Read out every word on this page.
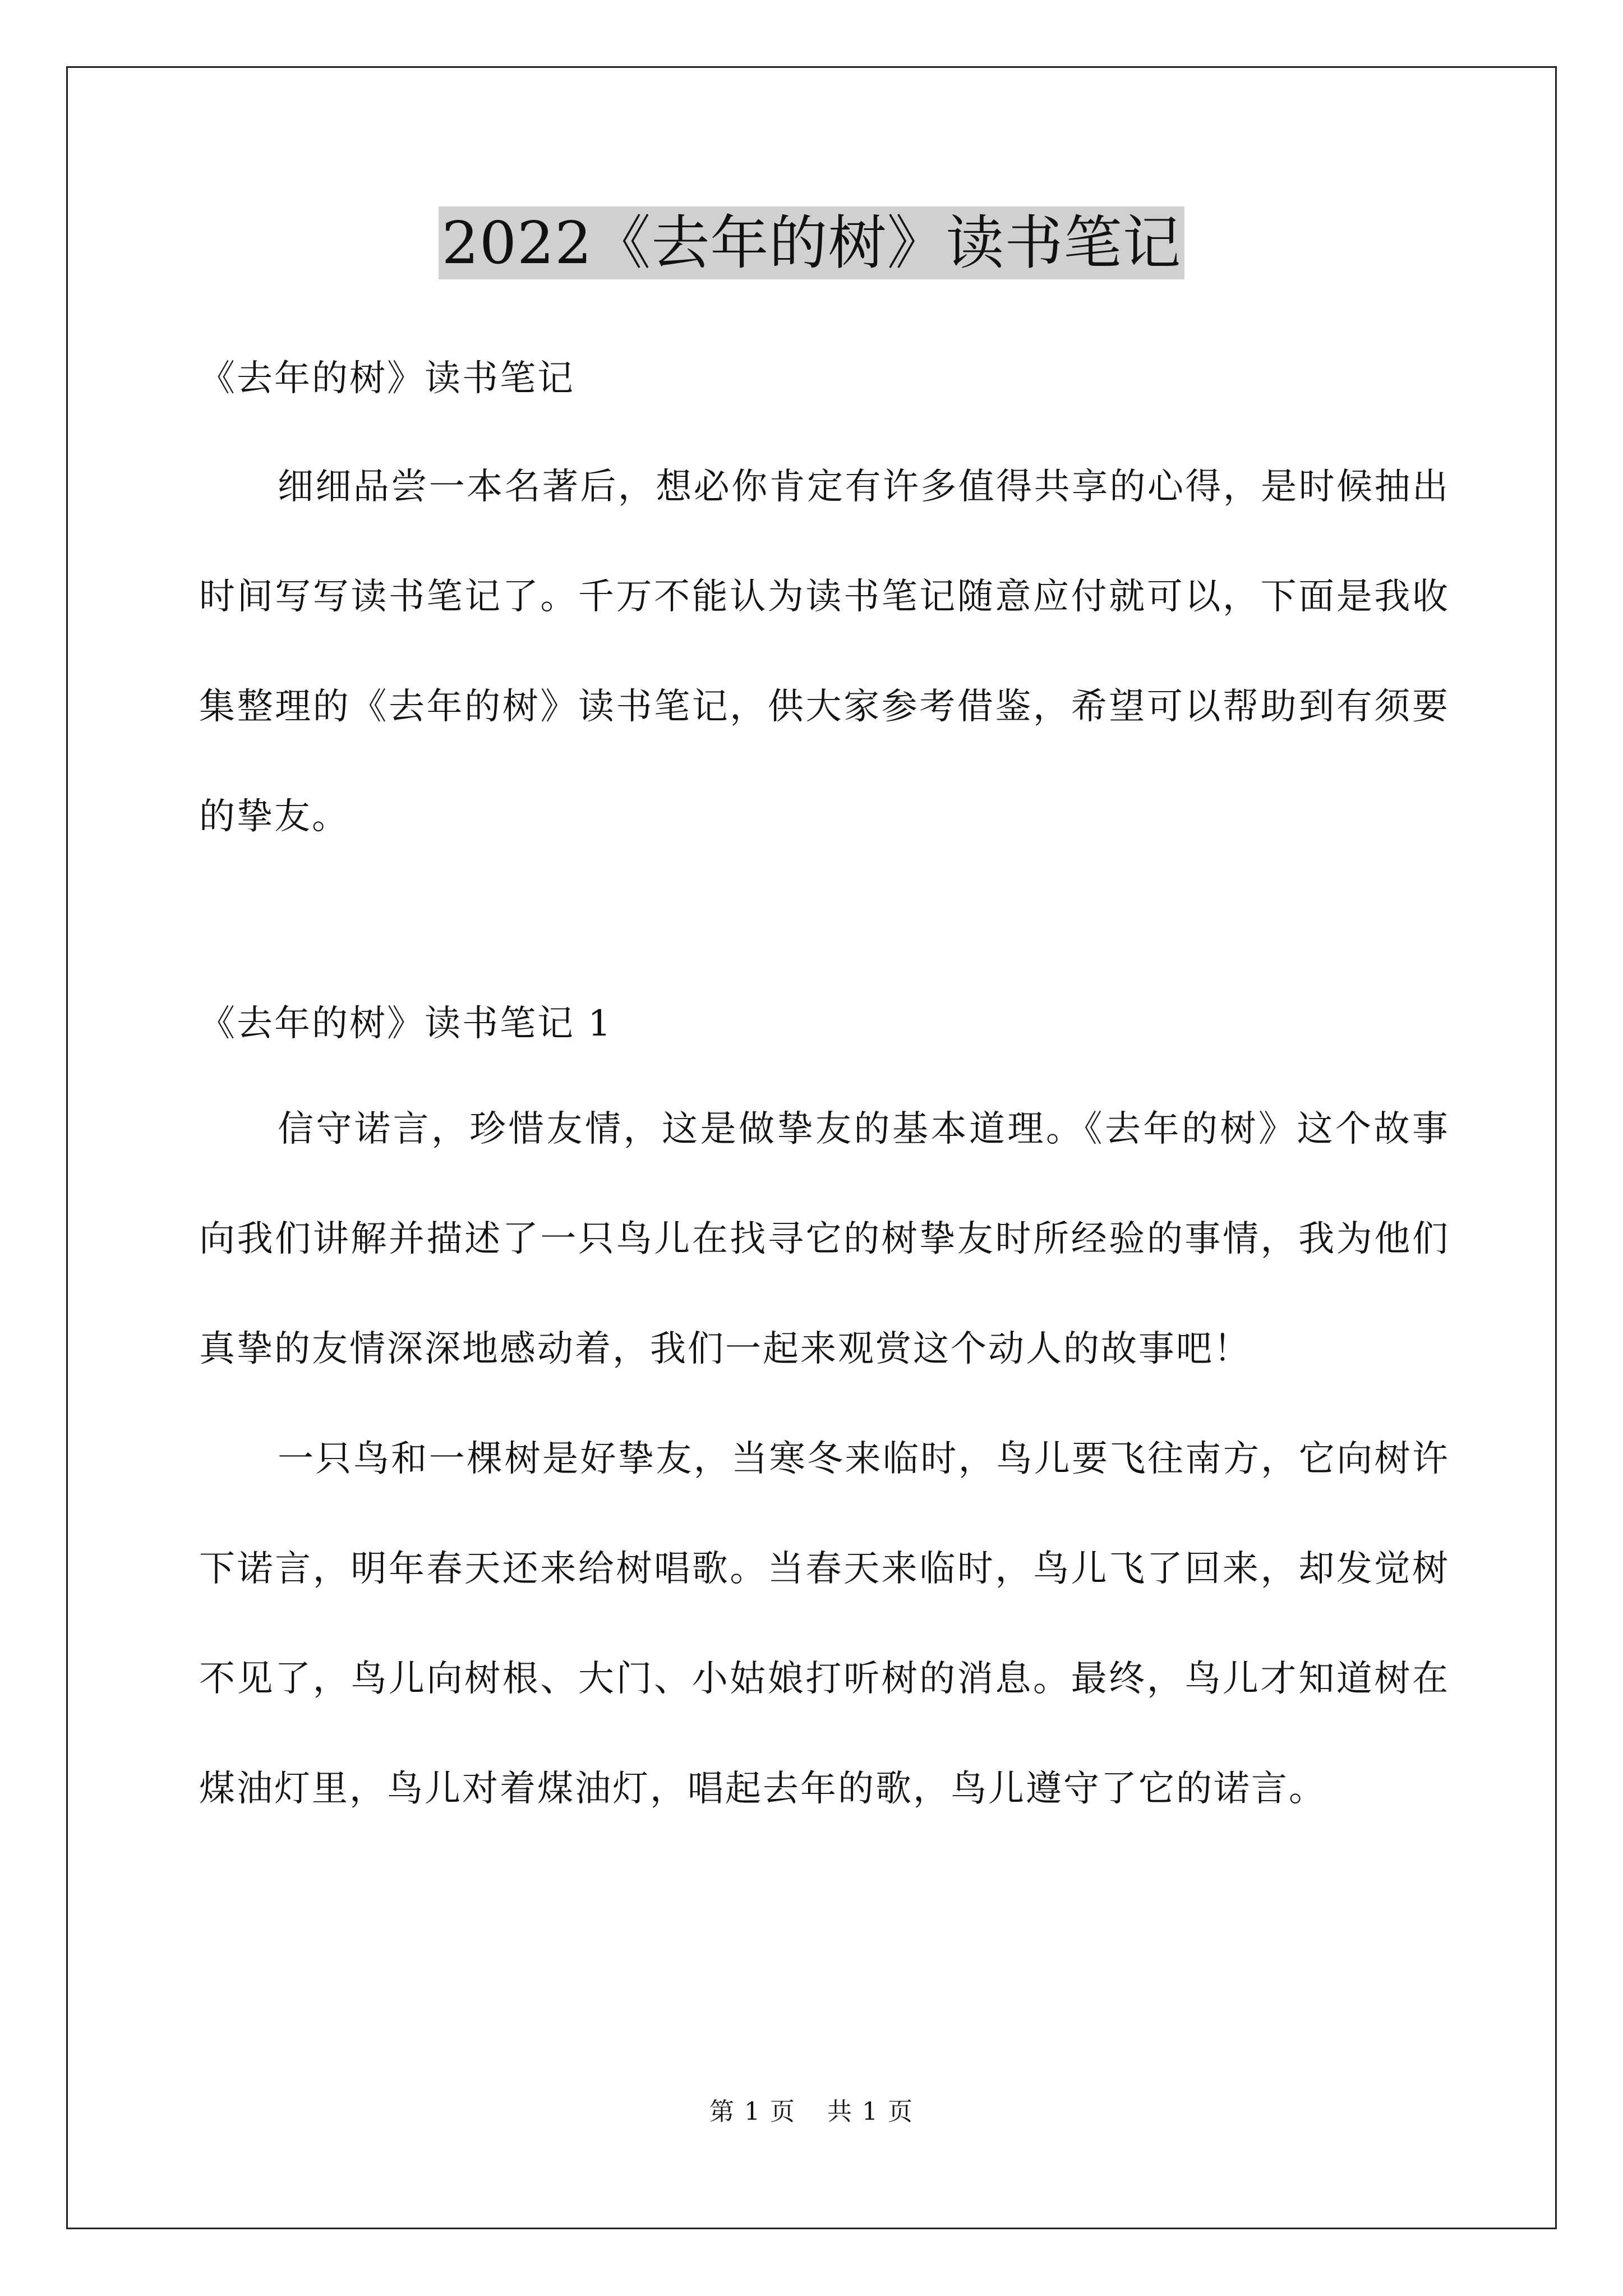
2022《去年的树》读书笔记
《去年的树》读书笔记

细细品尝一本名著后，想必你肯定有许多值得共享的心得，是时候抽出时间写写读书笔记了。千万不能认为读书笔记随意应付就可以，下面是我收集整理的《去年的树》读书笔记，供大家参考借鉴，希望可以帮助到有须要的挚友。

《去年的树》读书笔记 1

信守诺言，珍惜友情，这是做挚友的基本道理。《去年的树》这个故事向我们讲解并描述了一只鸟儿在找寻它的树挚友时所经验的事情，我为他们真挚的友情深深地感动着，我们一起来观赏这个动人的故事吧！

一只鸟和一棵树是好挚友，当寒冬来临时，鸟儿要飞往南方，它向树许下诺言，明年春天还来给树唱歌。当春天来临时，鸟儿飞了回来，却发觉树不见了，鸟儿向树根、大门、小姑娘打听树的消息。最终，鸟儿才知道树在煤油灯里，鸟儿对着煤油灯，唱起去年的歌，鸟儿遵守了它的诺言。

第 1 页 共 1 页
